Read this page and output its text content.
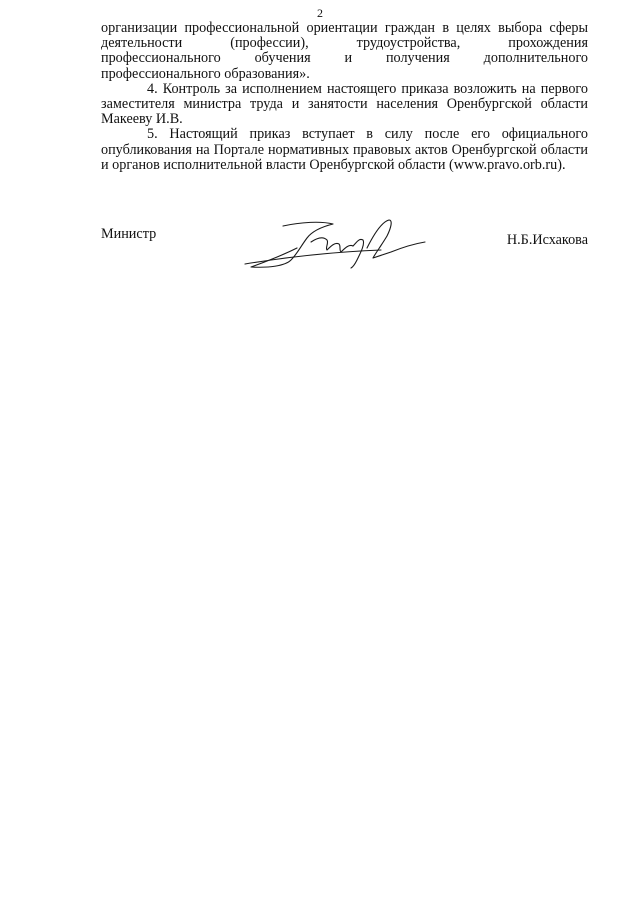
2

организации профессиональной ориентации граждан в целях выбора сферы

деятельности (профессии), трудоустройства, прохождения

профессионального обучения и получения дополнительного

профессионального образования».

4. Контроль за исполнением настоящего приказа возложить на первого заместителя министра труда и занятости населения Оренбургской области Макееву И.В.

5. Настоящий приказ вступает в силу после его официального опубликования на Портале нормативных правовых актов Оренбургской области и органов исполнительной власти Оренбургской области (www.pravo.orb.ru).

Министр	Н.Б.Исхакова
